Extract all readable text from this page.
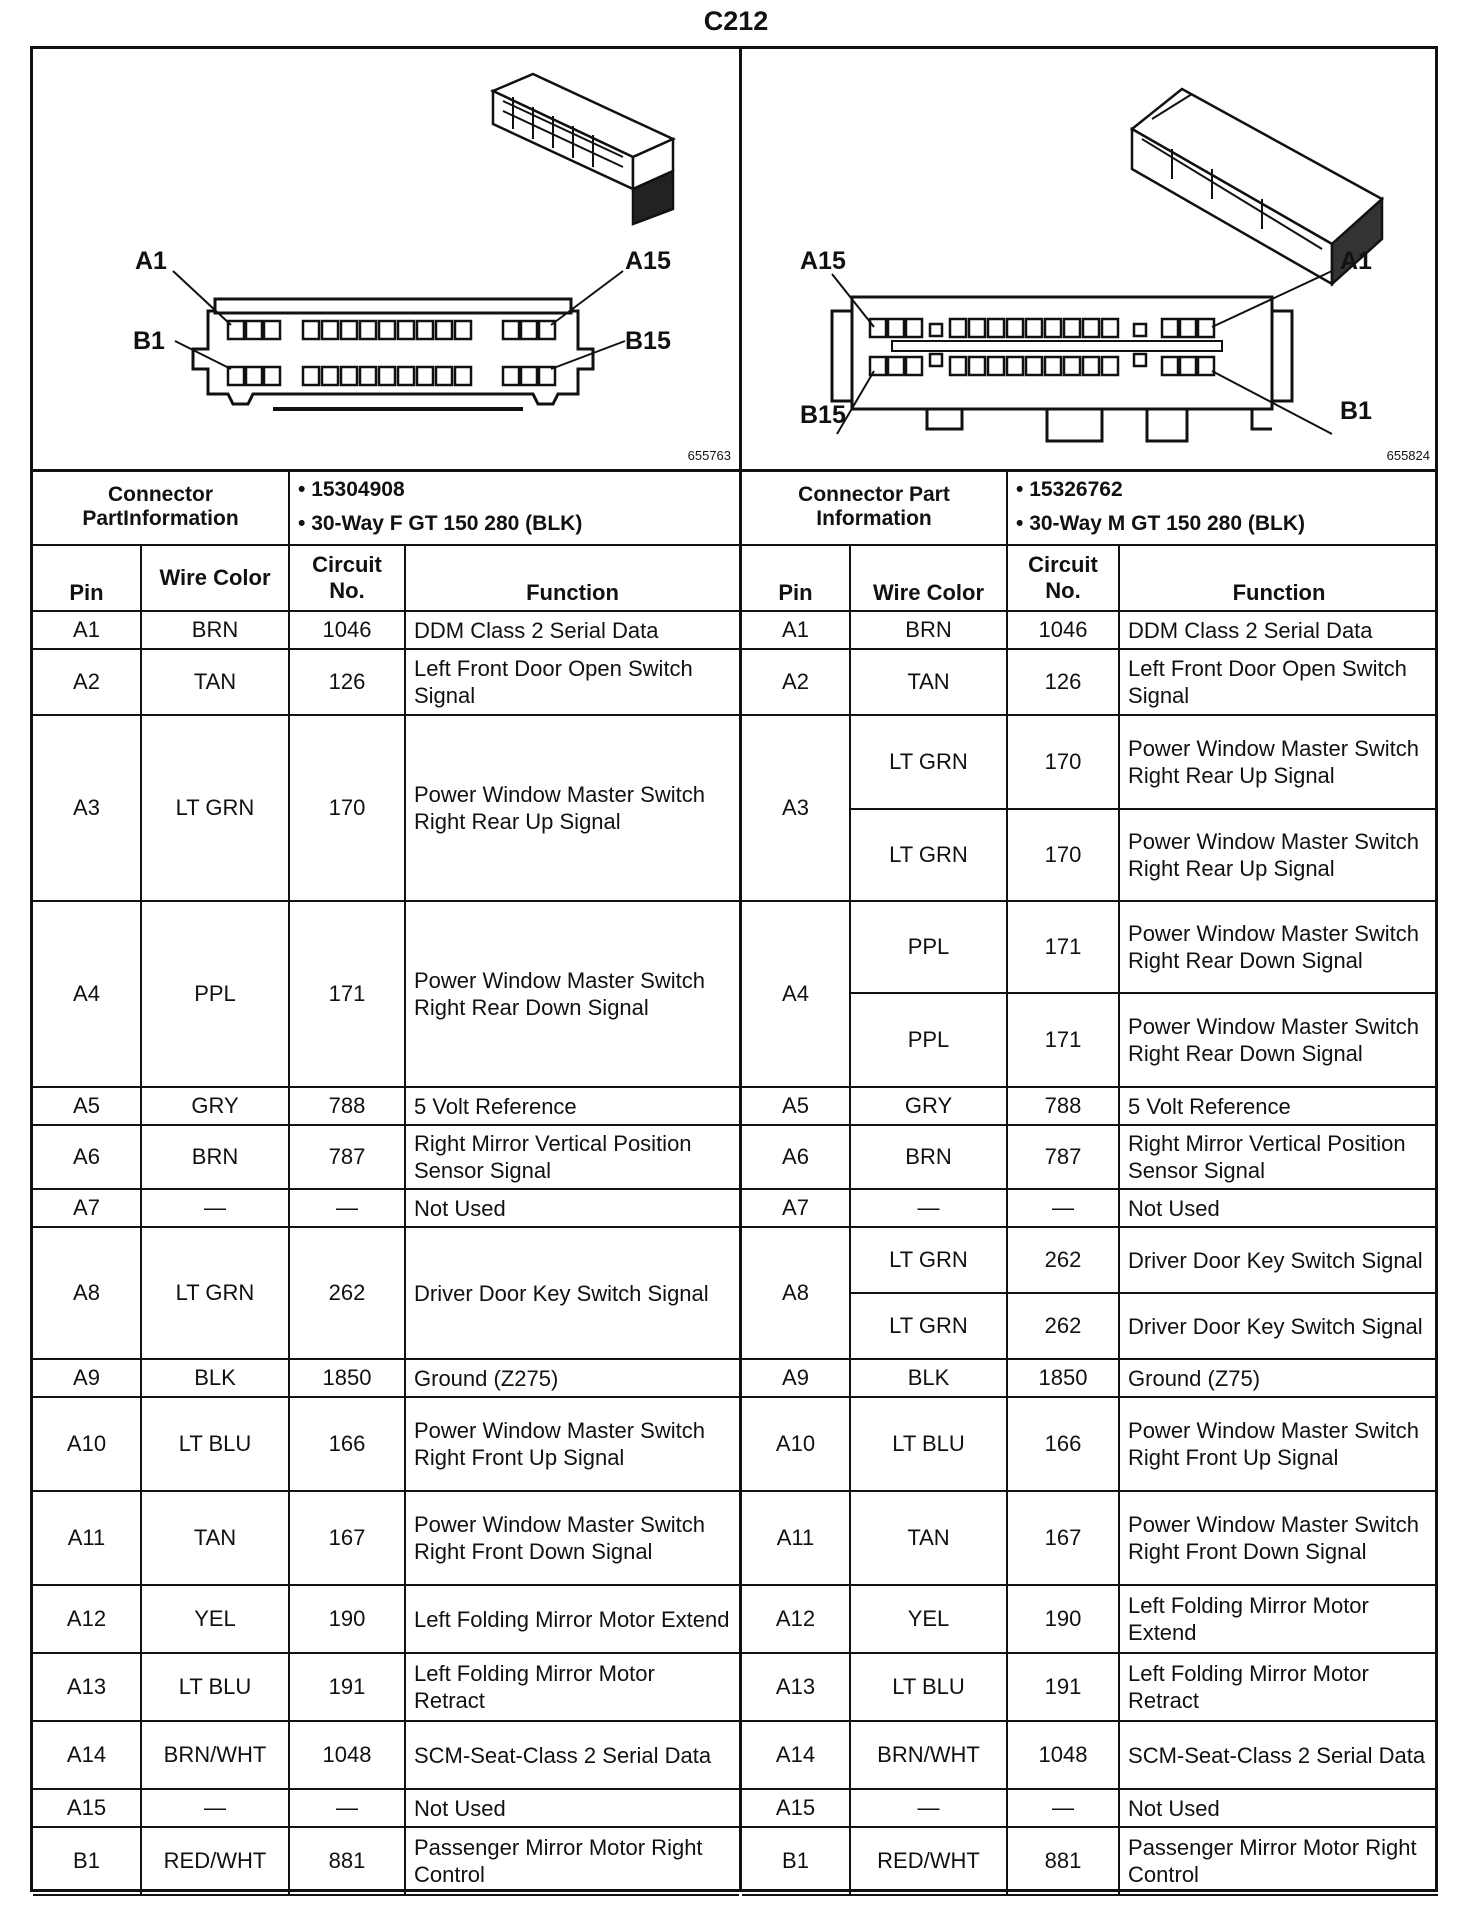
C212
A1
B1
A15
B15
655763
Connector PartInformation		• 15304908
• 30-Way F GT 150 280 (BLK)

Pin	Wire Color	Circuit No.	Function
A1	BRN	1046	DDM Class 2 Serial Data
A2	TAN	126	Left Front Door Open Switch Signal
A3	LT GRN	170	Power Window Master Switch Right Rear Up Signal
A4	PPL	171	Power Window Master Switch Right Rear Down Signal
A5	GRY	788	5 Volt Reference
A6	BRN	787	Right Mirror Vertical Position Sensor Signal
A7	—	—	Not Used
A8	LT GRN	262	Driver Door Key Switch Signal
A9	BLK	1850	Ground (Z275)
A10	LT BLU	166	Power Window Master Switch Right Front Up Signal
A11	TAN	167	Power Window Master Switch Right Front Down Signal
A12	YEL	190	Left Folding Mirror Motor Extend
A13	LT BLU	191	Left Folding Mirror Motor Retract
A14	BRN/WHT	1048	SCM-Seat-Class 2 Serial Data
A15	—	—	Not Used
B1	RED/WHT	881	Passenger Mirror Motor Right Control
A15
B15
A1
B1
655824
Connector Part Information		• 15326762
• 30-Way M GT 150 280 (BLK)

Pin	Wire Color	Circuit No.	Function
A1	BRN	1046	DDM Class 2 Serial Data
A2	TAN	126	Left Front Door Open Switch Signal
A3	LT GRN	170	Power Window Master Switch Right Rear Up Signal
	LT GRN	170	Power Window Master Switch Right Rear Up Signal
A4	PPL	171	Power Window Master Switch Right Rear Down Signal
	PPL	171	Power Window Master Switch Right Rear Down Signal
A5	GRY	788	5 Volt Reference
A6	BRN	787	Right Mirror Vertical Position Sensor Signal
A7	—	—	Not Used
A8	LT GRN	262	Driver Door Key Switch Signal
	LT GRN	262	Driver Door Key Switch Signal
A9	BLK	1850	Ground (Z75)
A10	LT BLU	166	Power Window Master Switch Right Front Up Signal
A11	TAN	167	Power Window Master Switch Right Front Down Signal
A12	YEL	190	Left Folding Mirror Motor Extend
A13	LT BLU	191	Left Folding Mirror Motor Retract
A14	BRN/WHT	1048	SCM-Seat-Class 2 Serial Data
A15	—	—	Not Used
B1	RED/WHT	881	Passenger Mirror Motor Right Control
